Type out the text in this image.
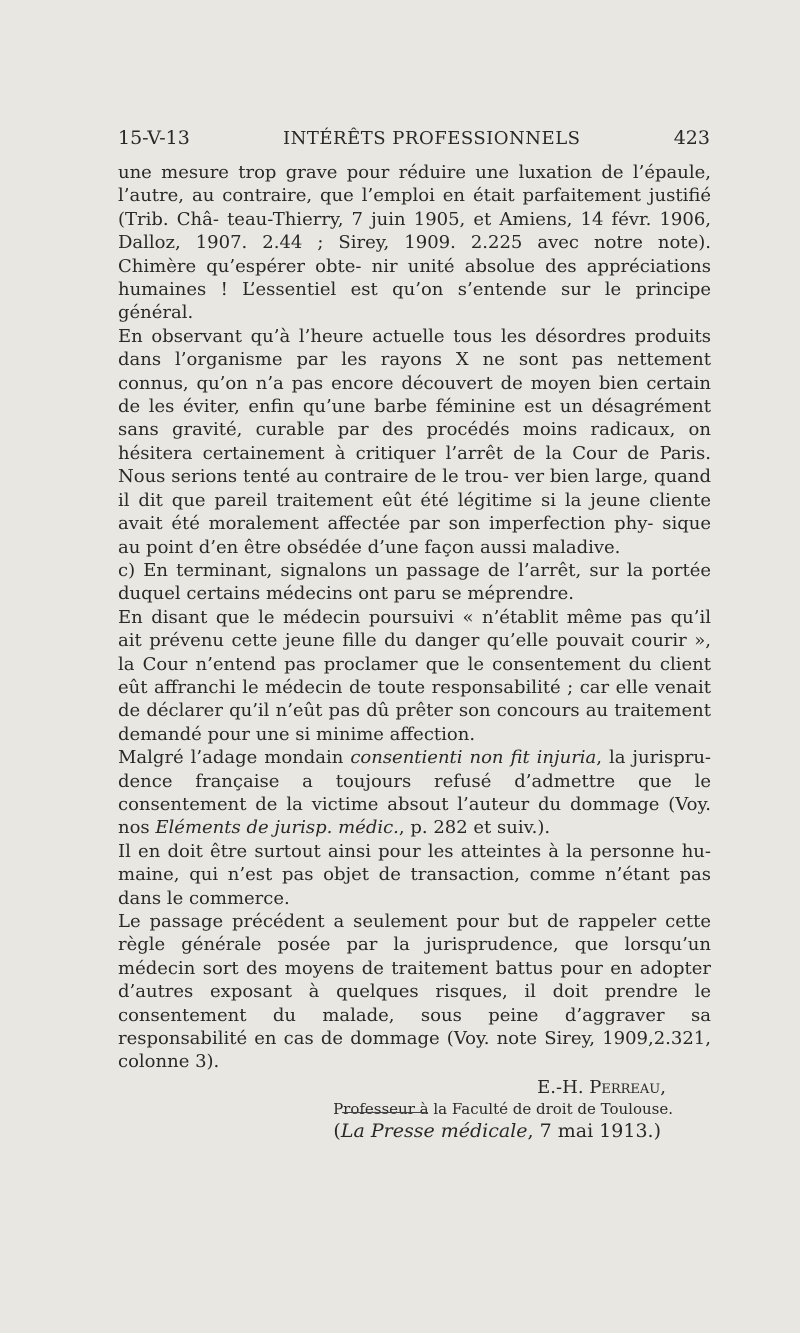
15-V-13	INTÉRÊTS PROFESSIONNELS	423

une mesure trop grave pour réduire une luxation de l’épaule, l’autre, au contraire, que l’emploi en était parfaitement justifié (Trib. Châ- teau-Thierry, 7 juin 1905, et Amiens, 14 févr. 1906, Dalloz, 1907. 2.44 ; Sirey, 1909. 2.225 avec notre note). Chimère qu’espérer obte- nir unité absolue des appréciations humaines ! L’essentiel est qu’on s’entende sur le principe général.

En observant qu’à l’heure actuelle tous les désordres produits dans l’organisme par les rayons X ne sont pas nettement connus, qu’on n’a pas encore découvert de moyen bien certain de les éviter, enfin qu’une barbe féminine est un désagrément sans gravité, curable par des procédés moins radicaux, on hésitera certainement à critiquer l’arrêt de la Cour de Paris. Nous serions tenté au contraire de le trou- ver bien large, quand il dit que pareil traitement eût été légitime si la jeune cliente avait été moralement affectée par son imperfection phy- sique au point d’en être obsédée d’une façon aussi maladive.

c) En terminant, signalons un passage de l’arrêt, sur la portée duquel certains médecins ont paru se méprendre.

En disant que le médecin poursuivi « n’établit même pas qu’il ait prévenu cette jeune fille du danger qu’elle pouvait courir », la Cour n’entend pas proclamer que le consentement du client eût affranchi le médecin de toute responsabilité ; car elle venait de déclarer qu’il n’eût pas dû prêter son concours au traitement demandé pour une si minime affection.

Malgré l’adage mondain consentienti non fit injuria, la jurispru- dence française a toujours refusé d’admettre que le consentement de la victime absout l’auteur du dommage (Voy. nos Eléments de jurisp. médic., p. 282 et suiv.).

Il en doit être surtout ainsi pour les atteintes à la personne hu- maine, qui n’est pas objet de transaction, comme n’étant pas dans le commerce.

Le passage précédent a seulement pour but de rappeler cette règle générale posée par la jurisprudence, que lorsqu’un médecin sort des moyens de traitement battus pour en adopter d’autres exposant à quelques risques, il doit prendre le consentement du malade, sous peine d’aggraver sa responsabilité en cas de dommage (Voy. note Sirey, 1909,2.321, colonne 3).

E.-H. Perreau,
Professeur à la Faculté de droit de Toulouse.
(La Presse médicale, 7 mai 1913.)
